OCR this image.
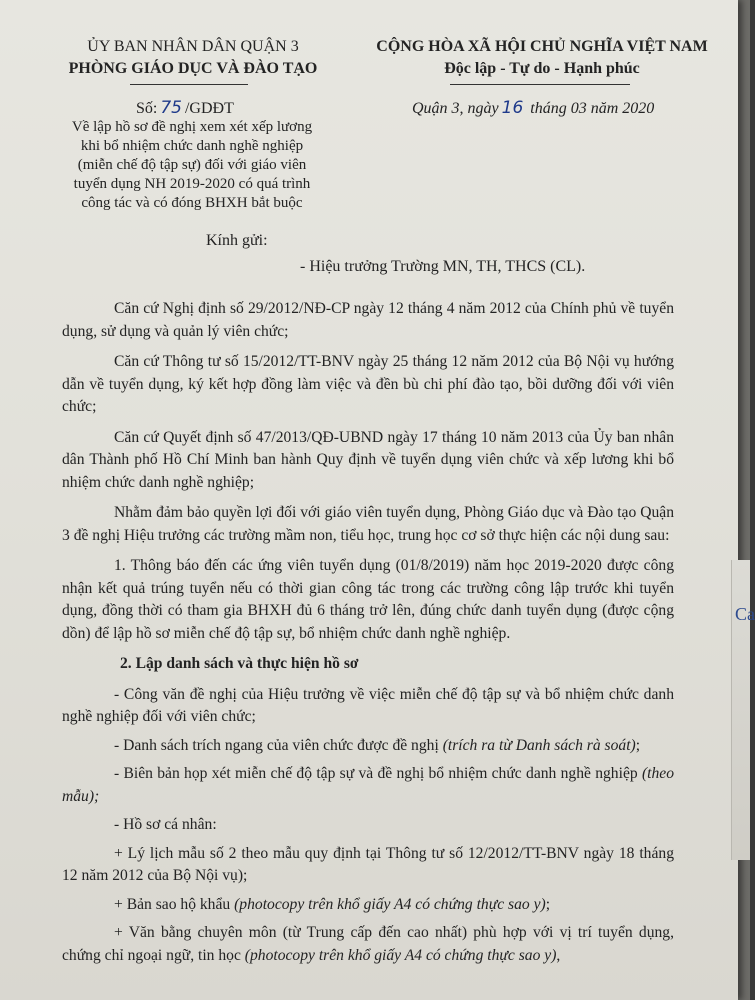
ỦY BAN NHÂN DÂN QUẬN 3
PHÒNG GIÁO DỤC VÀ ĐÀO TẠO
CỘNG HÒA XÃ HỘI CHỦ NGHĨA VIỆT NAM
Độc lập - Tự do - Hạnh phúc
Số: 75 /GDĐT	Quận 3, ngày 16 tháng 03 năm 2020
Về lập hồ sơ đề nghị xem xét xếp lương
khi bổ nhiệm chức danh nghề nghiệp
(miễn chế độ tập sự) đối với giáo viên
tuyển dụng NH 2019-2020 có quá trình
công tác và có đóng BHXH bắt buộc
Kính gửi:
- Hiệu trưởng Trường MN, TH, THCS (CL).

Căn cứ Nghị định số 29/2012/NĐ-CP ngày 12 tháng 4 năm 2012 của Chính phủ về tuyển dụng, sử dụng và quản lý viên chức;

Căn cứ Thông tư số 15/2012/TT-BNV ngày 25 tháng 12 năm 2012 của Bộ Nội vụ hướng dẫn về tuyển dụng, ký kết hợp đồng làm việc và đền bù chi phí đào tạo, bồi dưỡng đối với viên chức;

Căn cứ Quyết định số 47/2013/QĐ-UBND ngày 17 tháng 10 năm 2013 của Ủy ban nhân dân Thành phố Hồ Chí Minh ban hành Quy định về tuyển dụng viên chức và xếp lương khi bổ nhiệm chức danh nghề nghiệp;

Nhằm đảm bảo quyền lợi đối với giáo viên tuyển dụng, Phòng Giáo dục và Đào tạo Quận 3 đề nghị Hiệu trưởng các trường mầm non, tiểu học, trung học cơ sở thực hiện các nội dung sau:

1. Thông báo đến các ứng viên tuyển dụng (01/8/2019) năm học 2019-2020 được công nhận kết quả trúng tuyển nếu có thời gian công tác trong các trường công lập trước khi tuyển dụng, đồng thời có tham gia BHXH đủ 6 tháng trở lên, đúng chức danh tuyển dụng (được cộng dồn) để lập hồ sơ miễn chế độ tập sự, bổ nhiệm chức danh nghề nghiệp.

2. Lập danh sách và thực hiện hồ sơ

- Công văn đề nghị của Hiệu trưởng về việc miễn chế độ tập sự và bổ nhiệm chức danh nghề nghiệp đối với viên chức;

- Danh sách trích ngang của viên chức được đề nghị (trích ra từ Danh sách rà soát);

- Biên bản họp xét miễn chế độ tập sự và đề nghị bổ nhiệm chức danh nghề nghiệp (theo mẫu);

- Hồ sơ cá nhân:

+ Lý lịch mẫu số 2 theo mẫu quy định tại Thông tư số 12/2012/TT-BNV ngày 18 tháng 12 năm 2012 của Bộ Nội vụ);

+ Bản sao hộ khẩu (photocopy trên khổ giấy A4 có chứng thực sao y);

+ Văn bằng chuyên môn (từ Trung cấp đến cao nhất) phù hợp với vị trí tuyển dụng, chứng chỉ ngoại ngữ, tin học (photocopy trên khổ giấy A4 có chứng thực sao y),

Ca
